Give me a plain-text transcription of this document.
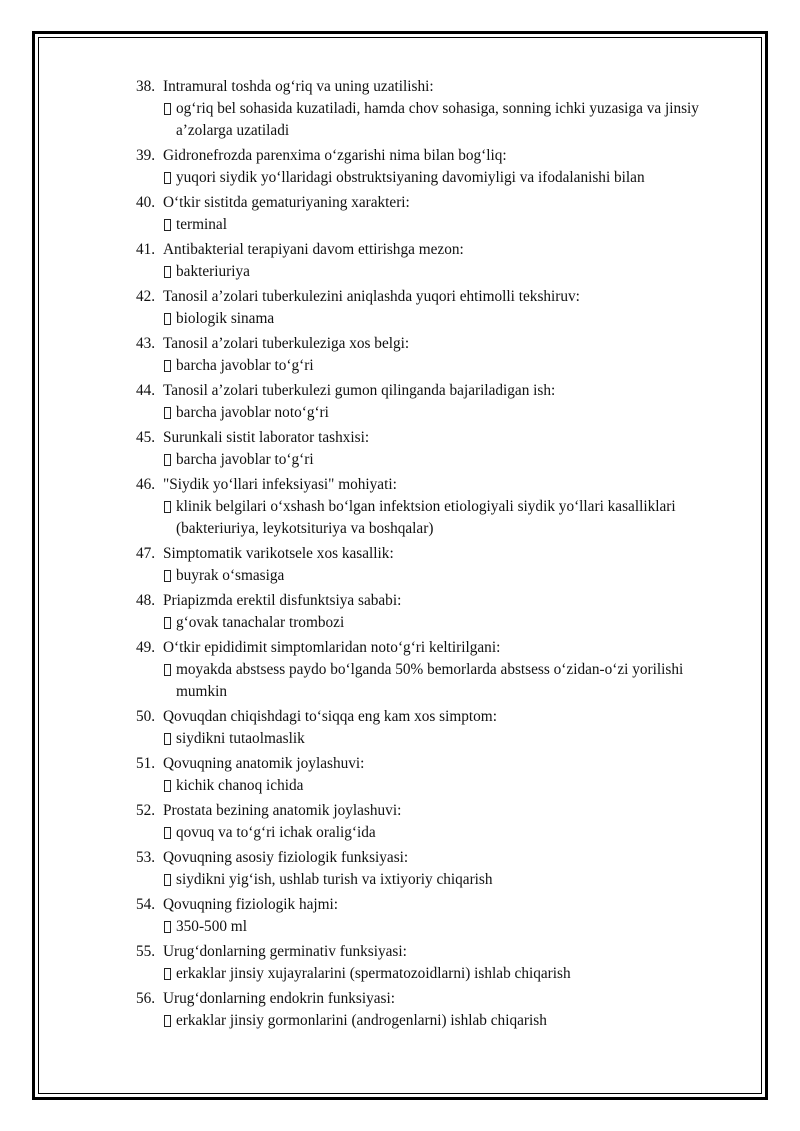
38. Intramural toshda og‘riq va uning uzatilishi:
og‘riq bel sohasida kuzatiladi, hamda chov sohasiga, sonning ichki yuzasiga va jinsiy a’zolarga uzatiladi
39. Gidronefrozda parenxima o‘zgarishi nima bilan bog‘liq:
yuqori siydik yo‘llaridagi obstruktsiyaning davomiyligi va ifodalanishi bilan
40. O‘tkir sistitda gematuriyaning xarakteri:
terminal
41. Antibakterial terapiyani davom ettirishga mezon:
bakteriuriya
42. Tanosil a’zolari tuberkulezini aniqlashda yuqori ehtimolli tekshiruv:
biologik sinama
43. Tanosil a’zolari tuberkuleziga xos belgi:
barcha javoblar to‘g‘ri
44. Tanosil a’zolari tuberkulezi gumon qilinganda bajariladigan ish:
barcha javoblar noto‘g‘ri
45. Surunkali sistit laborator tashxisi:
barcha javoblar to‘g‘ri
46. "Siydik yo‘llari infeksiyasi" mohiyati:
klinik belgilari o‘xshash bo‘lgan infektsion etiologiyali siydik yo‘llari kasalliklari (bakteriuriya, leykotsituriya va boshqalar)
47. Simptomatik varikotsele xos kasallik:
buyrak o‘smasiga
48. Priapizmda erektil disfunktsiya sababi:
g‘ovak tanachalar trombozi
49. O‘tkir epididimit simptomlaridan noto‘g‘ri keltirilgani:
moyakda abstsess paydo bo‘lganda 50% bemorlarda abstsess o‘zidan-o‘zi yorilishi mumkin
50. Qovuqdan chiqishdagi to‘siqqa eng kam xos simptom:
siydikni tutaolmaslik
51. Qovuqning anatomik joylashuvi:
kichik chanoq ichida
52. Prostata bezining anatomik joylashuvi:
qovuq va to‘g‘ri ichak oralig‘ida
53. Qovuqning asosiy fiziologik funksiyasi:
siydikni yig‘ish, ushlab turish va ixtiyoriy chiqarish
54. Qovuqning fiziologik hajmi:
350-500 ml
55. Urug‘donlarning germinativ funksiyasi:
erkaklar jinsiy xujayralarini (spermatozoidlarni) ishlab chiqarish
56. Urug‘donlarning endokrin funksiyasi:
erkaklar jinsiy gormonlarini (androgenlarni) ishlab chiqarish
